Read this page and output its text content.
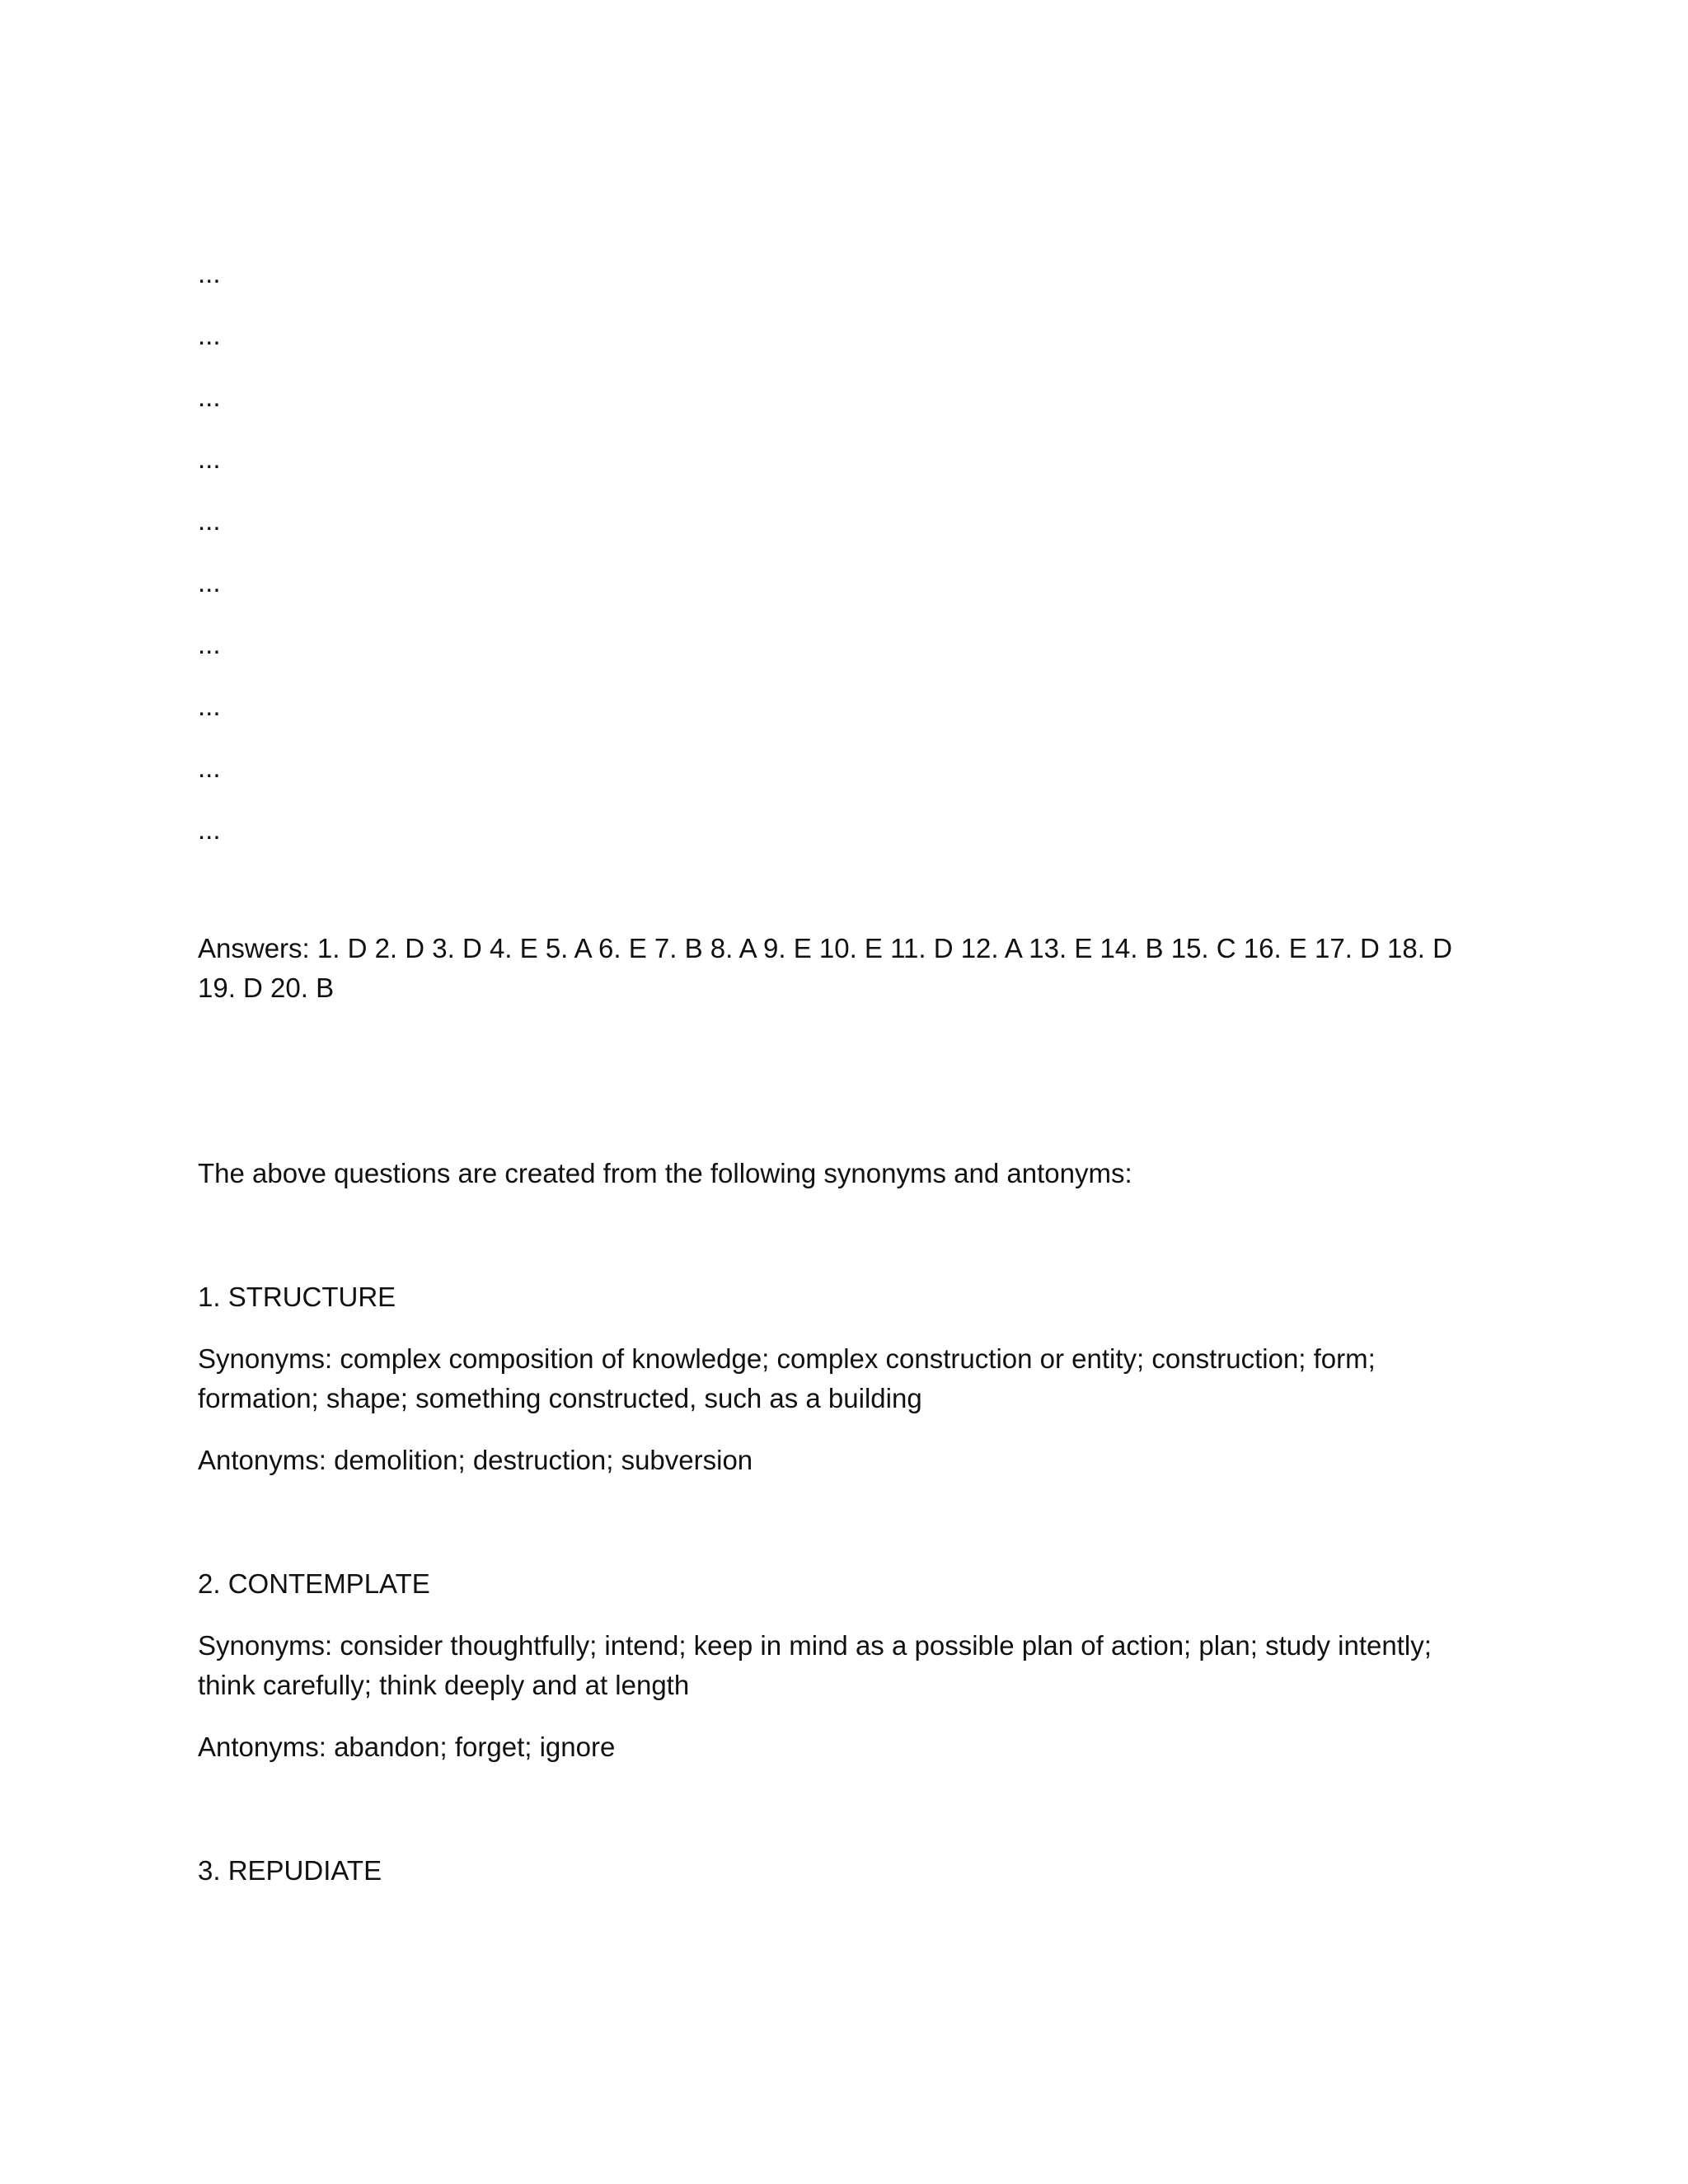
...
...
...
...
...
...
...
...
...
...

Answers: 1. D 2. D 3. D 4. E 5. A 6. E 7. B 8. A 9. E 10. E 11. D 12. A 13. E 14. B 15. C 16. E 17. D 18. D 19. D 20. B

The above questions are created from the following synonyms and antonyms:

1. STRUCTURE

Synonyms: complex composition of knowledge; complex construction or entity; construction; form; formation; shape; something constructed, such as a building

Antonyms: demolition; destruction; subversion

2. CONTEMPLATE

Synonyms: consider thoughtfully; intend; keep in mind as a possible plan of action; plan; study intently; think carefully; think deeply and at length

Antonyms: abandon; forget; ignore

3. REPUDIATE
